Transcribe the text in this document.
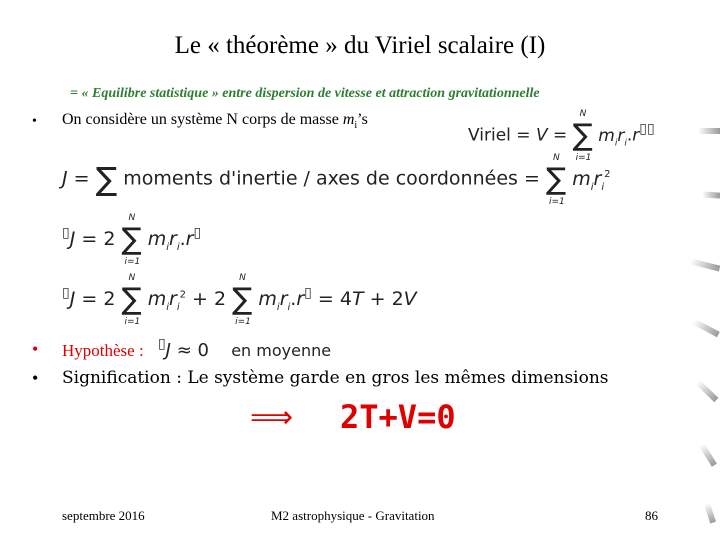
Le « théorème » du Viriel scalaire (I)
= « Equilibre statistique » entre dispersion de vitesse et attraction gravitationnelle
• On considère un système N corps de masse $m_i’s$
Viriel = V =
N
∑
i=1
$m_ir_i.r▯▯$
J = ∑ moments d'inertie / axes de coordonnées =
N
∑
i=1
$m_ir_i^2$
▯J = 2
N
∑
i=1
$m_ir_i.r▯$
▯J = 2
N
∑
i=1
$m_ir_i^2 + 2$
N
∑
i=1
$m_ir_i.r▯ = 4T + 2V$
• Hypothèse : ▯J ≈ 0 en moyenne
• Signification : Le système garde en gros les mêmes dimensions
⟹ 2T+V=0
septembre 2016	M2 astrophysique - Gravitation	86
